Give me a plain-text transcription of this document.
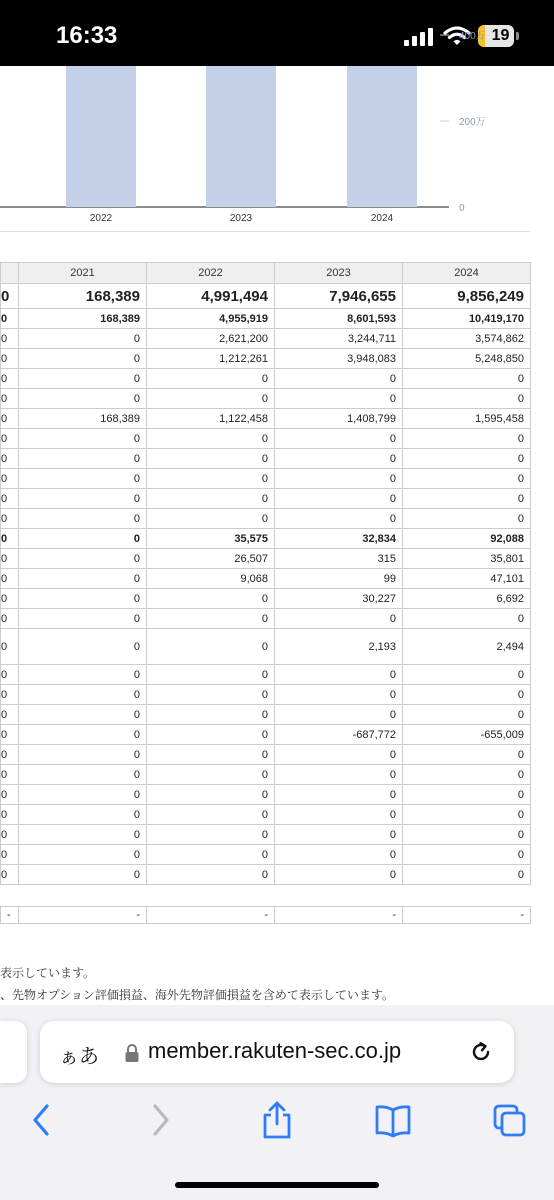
16:33	19
400万
200万
0
2022	2023	2024
	2021	2022	2023	2024
0	168,389	4,991,494	7,946,655	9,856,249
0	168,389	4,955,919	8,601,593	10,419,170
0	0	2,621,200	3,244,711	3,574,862
0	0	1,212,261	3,948,083	5,248,850
0	0	0	0	0
0	0	0	0	0
0	168,389	1,122,458	1,408,799	1,595,458
0	0	0	0	0
0	0	0	0	0
0	0	0	0	0
0	0	0	0	0
0	0	0	0	0
0	0	35,575	32,834	92,088
0	0	26,507	315	35,801
0	0	9,068	99	47,101
0	0	0	30,227	6,692
0	0	0	0	0
0	0	0	2,193	2,494
0	0	0	0	0
0	0	0	0	0
0	0	0	0	0
0	0	0	-687,772	-655,009
0	0	0	0	0
0	0	0	0	0
0	0	0	0	0
0	0	0	0	0
0	0	0	0	0
0	0	0	0	0
0	0	0	0	0
-	-	-	-	-
表示しています。
、先物オプション評価損益、海外先物評価損益を含めて表示しています。
ぁあ member.rakuten-sec.co.jp
